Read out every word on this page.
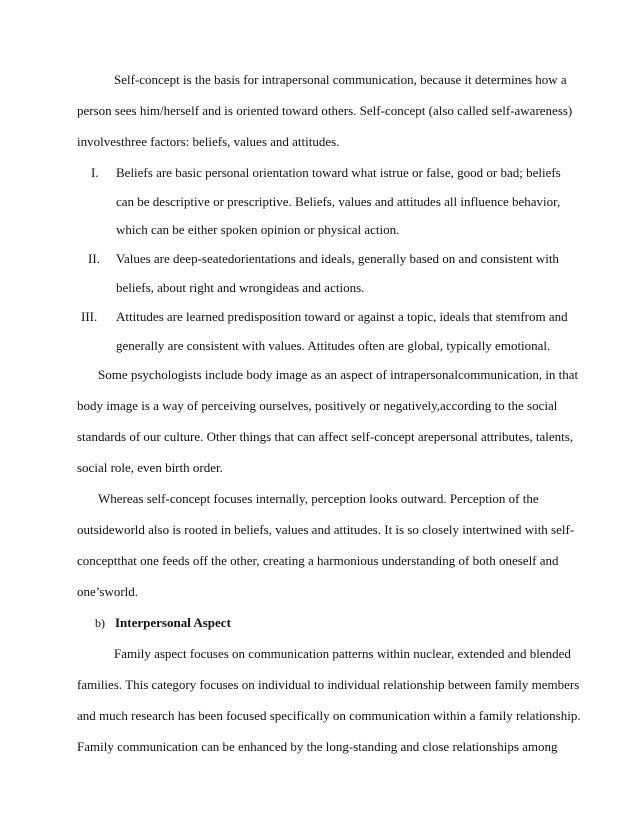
Self-concept is the basis for intrapersonal communication, because it determines how a
person sees him/herself and is oriented toward others. Self-concept (also called self-awareness)
involvesthree factors: beliefs, values and attitudes.
I. Beliefs are basic personal orientation toward what istrue or false, good or bad; beliefs
can be descriptive or prescriptive. Beliefs, values and attitudes all influence behavior,
which can be either spoken opinion or physical action.
II. Values are deep-seatedorientations and ideals, generally based on and consistent with
beliefs, about right and wrongideas and actions.
III. Attitudes are learned predisposition toward or against a topic, ideals that stemfrom and
generally are consistent with values. Attitudes often are global, typically emotional.
Some psychologists include body image as an aspect of intrapersonalcommunication, in that
body image is a way of perceiving ourselves, positively or negatively,according to the social
standards of our culture. Other things that can affect self-concept arepersonal attributes, talents,
social role, even birth order.
Whereas self-concept focuses internally, perception looks outward. Perception of the
outsideworld also is rooted in beliefs, values and attitudes. It is so closely intertwined with self-
conceptthat one feeds off the other, creating a harmonious understanding of both oneself and
one’sworld.
b) Interpersonal Aspect
Family aspect focuses on communication patterns within nuclear, extended and blended
families. This category focuses on individual to individual relationship between family members
and much research has been focused specifically on communication within a family relationship.
Family communication can be enhanced by the long-standing and close relationships among
